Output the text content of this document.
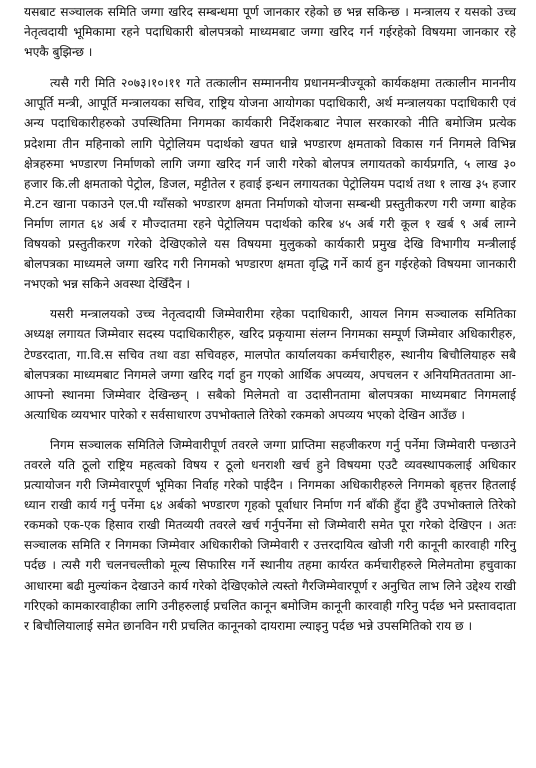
यसबाट सञ्चालक समिति जग्गा खरिद सम्बन्धमा पूर्ण जानकार रहेको छ भन्न सकिन्छ । मन्त्रालय र यसको उच्च नेतृत्वदायी भूमिकामा रहने पदाधिकारी बोलपत्रको माध्यमबाट जग्गा खरिद गर्न गईरहेको विषयमा जानकार रहे भएकै बुझिन्छ ।

त्यसै गरी मिति २०७३।१०।११ गते तत्कालीन सम्माननीय प्रधानमन्त्रीज्यूको कार्यकक्षमा तत्कालीन माननीय आपूर्ति मन्त्री, आपूर्ति मन्त्रालयका सचिव, राष्ट्रिय योजना आयोगका पदाधिकारी, अर्थ मन्त्रालयका पदाधिकारी एवं अन्य पदाधिकारीहरुको उपस्थितिमा निगमका कार्यकारी निर्देशकबाट नेपाल सरकारको नीति बमोजिम प्रत्येक प्रदेशमा तीन महिनाको लागि पेट्रोलियम पदार्थको खपत धान्ने भण्डारण क्षमताको विकास गर्न निगमले विभिन्न क्षेत्रहरुमा भण्डारण निर्माणको लागि जग्गा खरिद गर्न जारी गरेको बोलपत्र लगायतको कार्यप्रगति, ५ लाख ३० हजार कि.ली क्षमताको पेट्रोल, डिजल, मट्टीतेल र हवाई इन्धन लगायतका पेट्रोलियम पदार्थ तथा १ लाख ३५ हजार मे.टन खाना पकाउने एल.पी ग्याँसको भण्डारण क्षमता निर्माणको योजना सम्बन्धी प्रस्तुतीकरण गरी जग्गा बाहेक निर्माण लागत ६४ अर्ब र मौज्दातमा रहने पेट्रोलियम पदार्थको करिब ४५ अर्ब गरी कूल १ खर्ब ९ अर्ब लाग्ने विषयको प्रस्तुतीकरण गरेको देखिएकोले यस विषयमा मुलुकको कार्यकारी प्रमुख देखि विभागीय मन्त्रीलाई बोलपत्रका माध्यमले जग्गा खरिद गरी निगमको भण्डारण क्षमता वृद्धि गर्ने कार्य हुन गईरहेको विषयमा जानकारी नभएको भन्न सकिने अवस्था देखिँदैन ।

यसरी मन्त्रालयको उच्च नेतृत्वदायी जिम्मेवारीमा रहेका पदाधिकारी, आयल निगम सञ्चालक समितिका अध्यक्ष लगायत जिम्मेवार सदस्य पदाधिकारीहरु, खरिद प्रकृयामा संलग्न निगमका सम्पूर्ण जिम्मेवार अधिकारीहरु, टेण्डरदाता, गा.वि.स सचिव तथा वडा सचिवहरु, मालपोत कार्यालयका कर्मचारीहरु, स्थानीय बिचौलियाहरु सबै बोलपत्रका माध्यमबाट निगमले जग्गा खरिद गर्दा हुन गएको आर्थिक अपव्यय, अपचलन र अनियमितततामा आ-आफ्नो स्थानमा जिम्मेवार देखिन्छन् । सबैको मिलेमतो वा उदासीनतामा बोलपत्रका माध्यमबाट निगमलाई अत्याधिक व्ययभार पारेको र सर्वसाधारण उपभोक्ताले तिरेको रकमको अपव्यय भएको देखिन आउँछ ।

निगम सञ्चालक समितिले जिम्मेवारीपूर्ण तवरले जग्गा प्राप्तिमा सहजीकरण गर्नु पर्नेमा जिम्मेवारी पन्छाउने तवरले यति ठूलो राष्ट्रिय महत्वको विषय र ठूलो धनराशी खर्च हुने विषयमा एउटै व्यवस्थापकलाई अधिकार प्रत्यायोजन गरी जिम्मेवारपूर्ण भूमिका निर्वाह गरेको पाईदैन । निगमका अधिकारीहरुले निगमको बृहत्तर हितलाई ध्यान राखी कार्य गर्नु पर्नेमा ६४ अर्बको भण्डारण गृहको पूर्वाधार निर्माण गर्न बाँकी हुँदा हुँदै उपभोक्ताले तिरेको रकमको एक-एक हिसाव राखी मितव्ययी तवरले खर्च गर्नुपर्नेमा सो जिम्मेवारी समेत पूरा गरेको देखिएन । अतः सञ्चालक समिति र निगमका जिम्मेवार अधिकारीको जिम्मेवारी र उत्तरदायित्व खोजी गरी कानूनी कारवाही गरिनु पर्दछ । त्यसै गरी चलनचल्तीको मूल्य सिफारिस गर्ने स्थानीय तहमा कार्यरत कर्मचारीहरुले मिलेमतोमा हचुवाका आधारमा बढी मुल्यांकन देखाउने कार्य गरेको देखिएकोले त्यस्तो गैरजिम्मेवारपूर्ण र अनुचित लाभ लिने उद्देश्य राखी गरिएको कामकारवाहीका लागि उनीहरुलाई प्रचलित कानून बमोजिम कानूनी कारवाही गरिनु पर्दछ भने प्रस्तावदाता र बिचौलियालाई समेत छानविन गरी प्रचलित कानूनको दायरामा ल्याइनु पर्दछ भन्ने उपसमितिको राय छ ।
